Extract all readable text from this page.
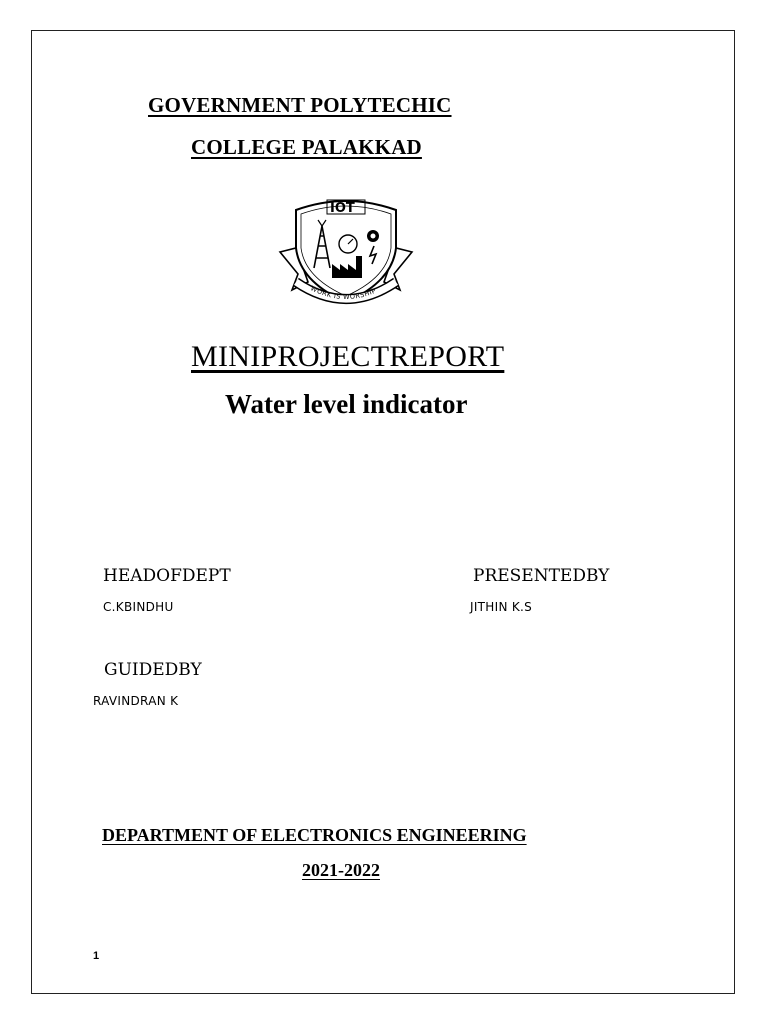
GOVERNMENT POLYTECHIC
COLLEGE PALAKKAD
IOT
WORK IS WORSHIP
MINIPROJECTREPORT
Water level indicator
HEADOFDEPT
C.KBINDHU
PRESENTEDBY
JITHIN K.S
GUIDEDBY
RAVINDRAN K
DEPARTMENT OF ELECTRONICS ENGINEERING
2021-2022
1
